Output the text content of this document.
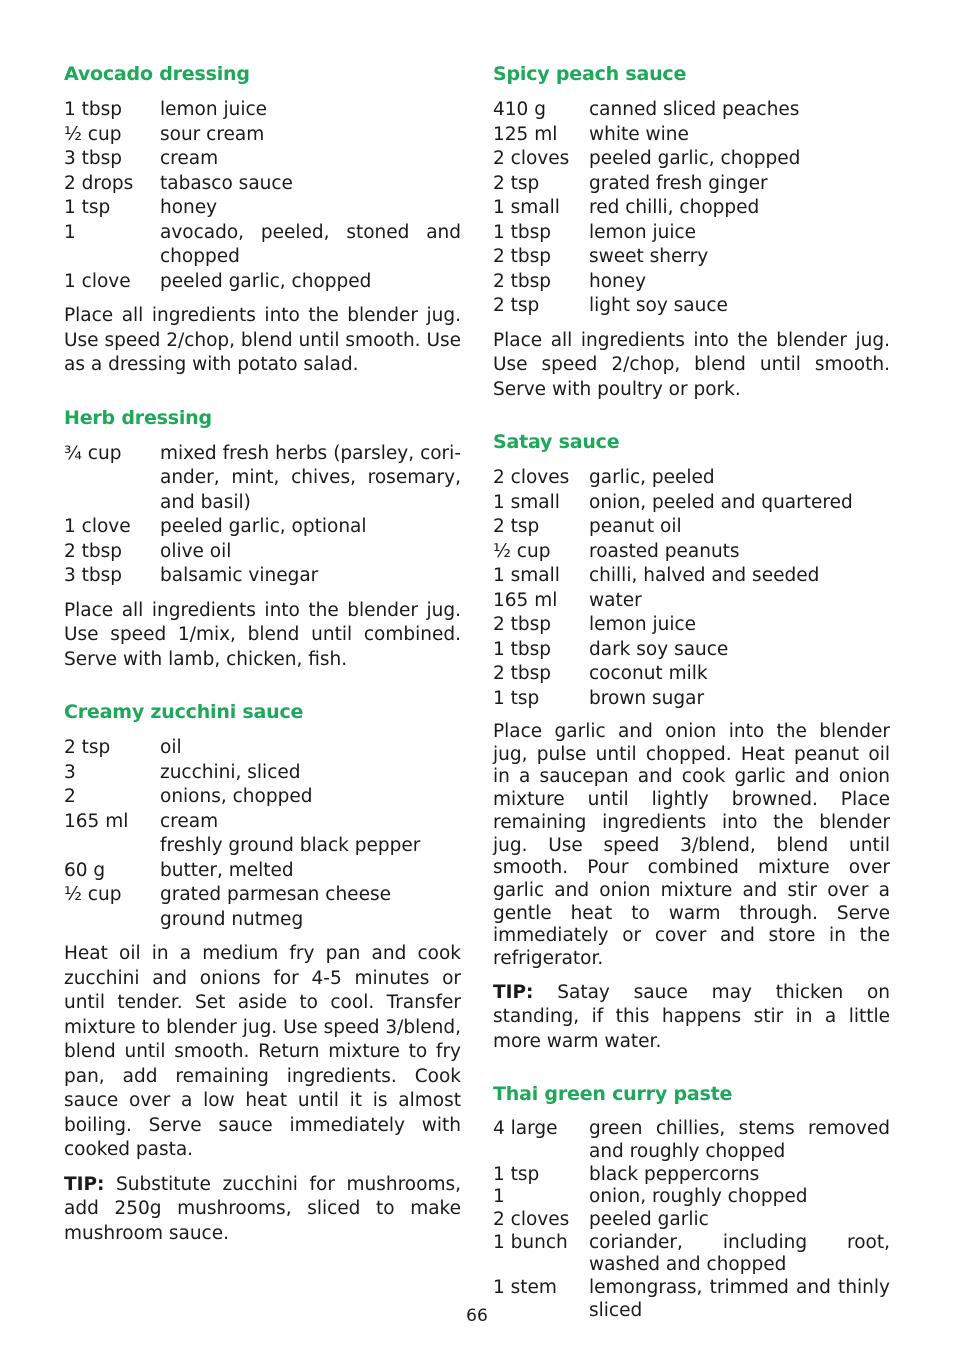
Avocado dressing
1 tbsp	lemon juice
½ cup	sour cream
3 tbsp	cream
2 drops	tabasco sauce
1 tsp	honey
1	avocado, peeled, stoned and chopped
1 clove	peeled garlic, chopped

Place all ingredients into the blender jug. Use speed 2/chop, blend until smooth. Use as a dressing with potato salad.

Herb dressing
¾ cup	mixed fresh herbs (parsley, coriander, mint, chives, rosemary, and basil)
1 clove	peeled garlic, optional
2 tbsp	olive oil
3 tbsp	balsamic vinegar

Place all ingredients into the blender jug. Use speed 1/mix, blend until combined. Serve with lamb, chicken, fish.

Creamy zucchini sauce
2 tsp	oil
3	zucchini, sliced
2	onions, chopped
165 ml	cream
	freshly ground black pepper
60 g	butter, melted
½ cup	grated parmesan cheese
	ground nutmeg

Heat oil in a medium fry pan and cook zucchini and onions for 4-5 minutes or until tender. Set aside to cool. Transfer mixture to blender jug. Use speed 3/blend, blend until smooth. Return mixture to fry pan, add remaining ingredients. Cook sauce over a low heat until it is almost boiling. Serve sauce immediately with cooked pasta.

TIP: Substitute zucchini for mushrooms, add 250g mushrooms, sliced to make mushroom sauce.

Spicy peach sauce
410 g	canned sliced peaches
125 ml	white wine
2 cloves	peeled garlic, chopped
2 tsp	grated fresh ginger
1 small	red chilli, chopped
1 tbsp	lemon juice
2 tbsp	sweet sherry
2 tbsp	honey
2 tsp	light soy sauce

Place all ingredients into the blender jug. Use speed 2/chop, blend until smooth. Serve with poultry or pork.

Satay sauce
2 cloves	garlic, peeled
1 small	onion, peeled and quartered
2 tsp	peanut oil
½ cup	roasted peanuts
1 small	chilli, halved and seeded
165 ml	water
2 tbsp	lemon juice
1 tbsp	dark soy sauce
2 tbsp	coconut milk
1 tsp	brown sugar

Place garlic and onion into the blender jug, pulse until chopped. Heat peanut oil in a saucepan and cook garlic and onion mixture until lightly browned. Place remaining ingredients into the blender jug. Use speed 3/blend, blend until smooth. Pour combined mixture over garlic and onion mixture and stir over a gentle heat to warm through. Serve immediately or cover and store in the refrigerator.

TIP: Satay sauce may thicken on standing, if this happens stir in a little more warm water.

Thai green curry paste
4 large	green chillies, stems removed and roughly chopped
1 tsp	black peppercorns
1	onion, roughly chopped
2 cloves	peeled garlic
1 bunch	coriander, including root, washed and chopped
1 stem	lemongrass, trimmed and thinly sliced
66
